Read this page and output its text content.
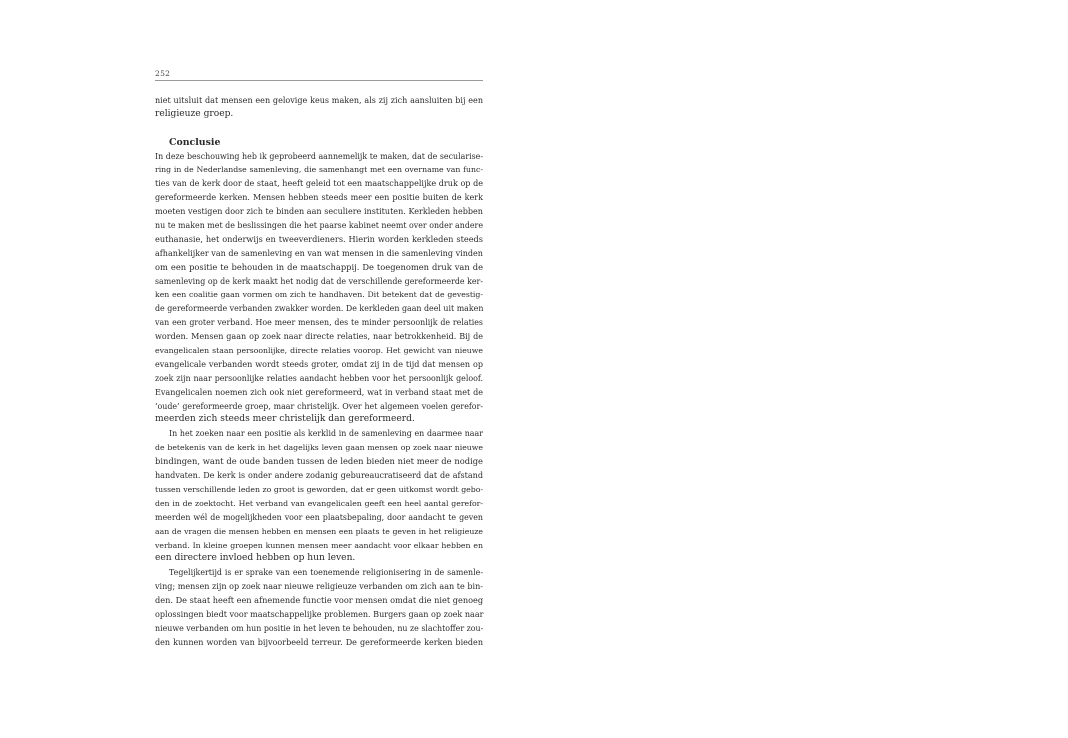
252
niet uitsluit dat mensen een gelovige keus maken, als zij zich aansluiten bij een
religieuze groep.
Conclusie
In deze beschouwing heb ik geprobeerd aannemelijk te maken, dat de secularise-
ring in de Nederlandse samenleving, die samenhangt met een overname van func-
ties van de kerk door de staat, heeft geleid tot een maatschappelijke druk op de
gereformeerde kerken. Mensen hebben steeds meer een positie buiten de kerk
moeten vestigen door zich te binden aan seculiere instituten. Kerkleden hebben
nu te maken met de beslissingen die het paarse kabinet neemt over onder andere
euthanasie, het onderwijs en tweeverdieners. Hierin worden kerkleden steeds
afhankelijker van de samenleving en van wat mensen in die samenleving vinden
om een positie te behouden in de maatschappij. De toegenomen druk van de
samenleving op de kerk maakt het nodig dat de verschillende gereformeerde ker-
ken een coalitie gaan vormen om zich te handhaven. Dit betekent dat de gevestig-
de gereformeerde verbanden zwakker worden. De kerkleden gaan deel uit maken
van een groter verband. Hoe meer mensen, des te minder persoonlijk de relaties
worden. Mensen gaan op zoek naar directe relaties, naar betrokkenheid. Bij de
evangelicalen staan persoonlijke, directe relaties voorop. Het gewicht van nieuwe
evangelicale verbanden wordt steeds groter, omdat zij in de tijd dat mensen op
zoek zijn naar persoonlijke relaties aandacht hebben voor het persoonlijk geloof.
Evangelicalen noemen zich ook niet gereformeerd, wat in verband staat met de
‘oude’ gereformeerde groep, maar christelijk. Over het algemeen voelen gerefor-
meerden zich steeds meer christelijk dan gereformeerd.
In het zoeken naar een positie als kerklid in de samenleving en daarmee naar
de betekenis van de kerk in het dagelijks leven gaan mensen op zoek naar nieuwe
bindingen, want de oude banden tussen de leden bieden niet meer de nodige
handvaten. De kerk is onder andere zodanig gebureaucratiseerd dat de afstand
tussen verschillende leden zo groot is geworden, dat er geen uitkomst wordt gebo-
den in de zoektocht. Het verband van evangelicalen geeft een heel aantal gerefor-
meerden wél de mogelijkheden voor een plaatsbepaling, door aandacht te geven
aan de vragen die mensen hebben en mensen een plaats te geven in het religieuze
verband. In kleine groepen kunnen mensen meer aandacht voor elkaar hebben en
een directere invloed hebben op hun leven.
Tegelijkertijd is er sprake van een toenemende religionisering in de samenle-
ving; mensen zijn op zoek naar nieuwe religieuze verbanden om zich aan te bin-
den. De staat heeft een afnemende functie voor mensen omdat die niet genoeg
oplossingen biedt voor maatschappelijke problemen. Burgers gaan op zoek naar
nieuwe verbanden om hun positie in het leven te behouden, nu ze slachtoffer zou-
den kunnen worden van bijvoorbeeld terreur. De gereformeerde kerken bieden
